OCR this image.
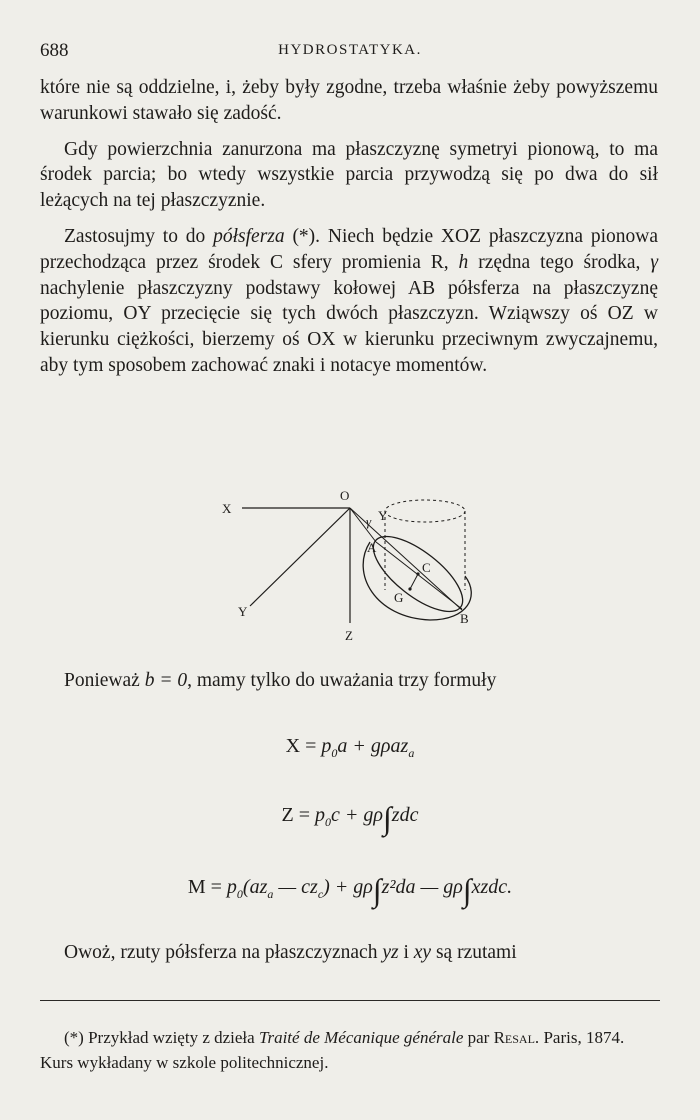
688	HYDROSTATYKA.

które nie są oddzielne, i, żeby były zgodne, trzeba właśnie żeby powyższemu warunkowi stawało się zadość.

Gdy powierzchnia zanurzona ma płaszczyznę symetryi pionową, to ma środek parcia; bo wtedy wszystkie parcia przywodzą się po dwa do sił leżących na tej płaszczyznie.

Zastosujmy to do półsferza (*). Niech będzie XOZ płaszczyzna pionowa przechodząca przez środek C sfery promienia R, h rzędna tego środka, γ nachylenie płaszczyzny podstawy kołowej AB półsferza na płaszczyznę poziomu, OY przecięcie się tych dwóch płaszczyzn. Wziąwszy oś OZ w kierunku ciężkości, bierzemy oś OX w kierunku przeciwnym zwyczajnemu, aby tym sposobem zachować znaki i notacye momentów.

X
O
γ Y
A
C
G
B
Y
Z

Ponieważ b = 0, mamy tylko do uważania trzy formuły

$X = p_0a + g\rho az_a$
$Z = p_0c + g\rho\int zdc$
$M = p_0(az_a$ — $cz_c) + g\rho\int z^2da$ — gρ∫xzdc.

Owoż, rzuty półsferza na płaszczyznach yz i xy są rzutami

(*) Przykład wzięty z dzieła Traité de Mécanique générale par Resal. Paris, 1874. Kurs wykładany w szkole politechnicznej.
